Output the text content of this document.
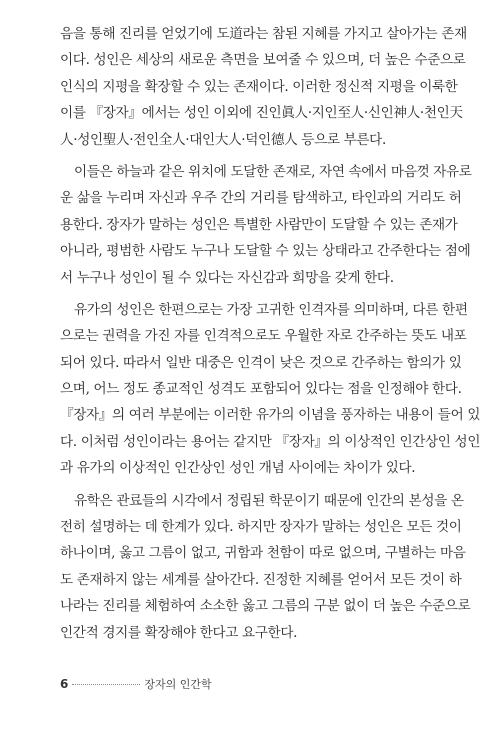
음을 통해 진리를 얻었기에 도道라는 참된 지혜를 가지고 살아가는 존재
이다. 성인은 세상의 새로운 측면을 보여줄 수 있으며, 더 높은 수준으로
인식의 지평을 확장할 수 있는 존재이다. 이러한 정신적 지평을 이룩한
이를 『장자』에서는 성인 이외에 진인眞人·지인至人·신인神人·천인天
人·성인聖人·전인全人·대인大人·덕인德人 등으로 부른다.
이들은 하늘과 같은 위치에 도달한 존재로, 자연 속에서 마음껏 자유로
운 삶을 누리며 자신과 우주 간의 거리를 탐색하고, 타인과의 거리도 허
용한다. 장자가 말하는 성인은 특별한 사람만이 도달할 수 있는 존재가
아니라, 평범한 사람도 누구나 도달할 수 있는 상태라고 간주한다는 점에
서 누구나 성인이 될 수 있다는 자신감과 희망을 갖게 한다.
유가의 성인은 한편으로는 가장 고귀한 인격자를 의미하며, 다른 한편
으로는 권력을 가진 자를 인격적으로도 우월한 자로 간주하는 뜻도 내포
되어 있다. 따라서 일반 대중은 인격이 낮은 것으로 간주하는 함의가 있
으며, 어느 정도 종교적인 성격도 포함되어 있다는 점을 인정해야 한다.
『장자』의 여러 부분에는 이러한 유가의 이념을 풍자하는 내용이 들어 있
다. 이처럼 성인이라는 용어는 같지만 『장자』의 이상적인 인간상인 성인
과 유가의 이상적인 인간상인 성인 개념 사이에는 차이가 있다.
유학은 관료들의 시각에서 정립된 학문이기 때문에 인간의 본성을 온
전히 설명하는 데 한계가 있다. 하지만 장자가 말하는 성인은 모든 것이
하나이며, 옳고 그름이 없고, 귀함과 천함이 따로 없으며, 구별하는 마음
도 존재하지 않는 세계를 살아간다. 진정한 지혜를 얻어서 모든 것이 하
나라는 진리를 체험하여 소소한 옳고 그름의 구분 없이 더 높은 수준으로
인간적 경지를 확장해야 한다고 요구한다.
6	장자의 인간학
